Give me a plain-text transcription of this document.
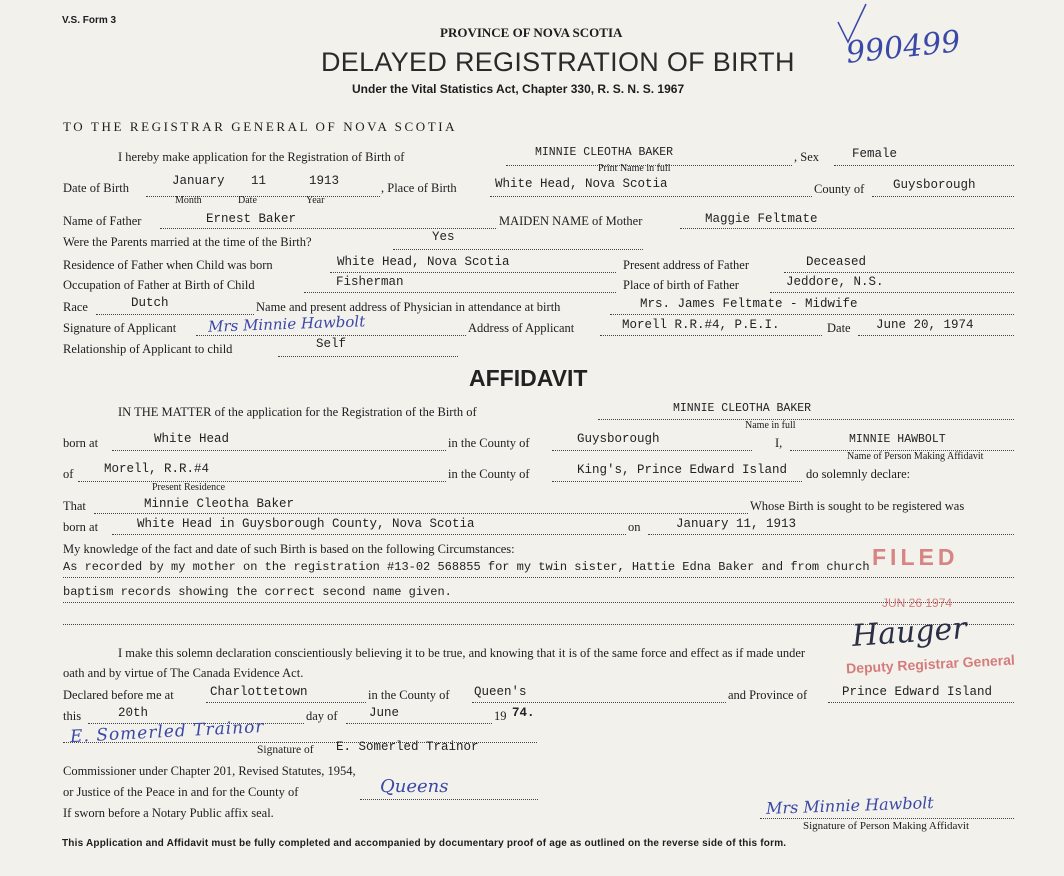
V.S. Form 3
PROVINCE OF NOVA SCOTIA
DELAYED REGISTRATION OF BIRTH
Under the Vital Statistics Act, Chapter 330, R. S. N. S. 1967
990499
TO THE REGISTRAR GENERAL OF NOVA SCOTIA
I hereby make application for the Registration of Birth of	MINNIE CLEOTHA BAKER
Print Name in full
, Sex	Female
Date of Birth	January 11	1913
Month	Date	Year
, Place of Birth	White Head, Nova Scotia	County of Guysborough
Name of Father	Ernest Baker	MAIDEN NAME of Mother	Maggie Feltmate
Were the Parents married at the time of the Birth?	Yes
Residence of Father when Child was born	White Head, Nova Scotia	Present address of Father	Deceased
Occupation of Father at Birth of Child	Fisherman	Place of birth of Father	Jeddore, N.S.
Race	Dutch	Name and present address of Physician in attendance at birth	Mrs. James Feltmate - Midwife
Signature of Applicant Mrs Minnie Hawbolt	Address of Applicant	Morell R.R.#4, P.E.I.	Date June 20, 1974
Relationship of Applicant to child	Self
AFFIDAVIT
IN THE MATTER of the application for the Registration of the Birth of	MINNIE CLEOTHA BAKER
Name in full
born at	White Head	in the County of	Guysborough	I,	MINNIE HAWBOLT
Name of Person Making Affidavit
of Morell, R.R.#4
Present Residence
in the County of	King's, Prince Edward Island do solemnly declare:
That	Minnie Cleotha Baker	Whose Birth is sought to be registered was
born at	White Head in Guysborough County, Nova Scotia	on	January 11, 1913
My knowledge of the fact and date of such Birth is based on the following Circumstances:
As recorded by my mother on the registration #13-02 568855 for my twin sister, Hattie Edna Baker and from church
baptism records showing the correct second name given.
I make this solemn declaration conscientiously believing it to be true, and knowing that it is of the same force and effect as if made under
oath and by virtue of The Canada Evidence Act.
Declared before me at	Charlottetown	in the County of Queen's	and Province of	Prince Edward Island
this	20th	day of	June	19 74.
E. Somerled Trainor
Signature of E. Somerled Trainor
Commissioner under Chapter 201, Revised Statutes, 1954,
or Justice of the Peace in and for the County of	Queens
If sworn before a Notary Public affix seal.	Mrs Minnie Hawbolt
Signature of Person Making Affidavit
FILED
JUN 26 1974
Hauger
Deputy Registrar General
This Application and Affidavit must be fully completed and accompanied by documentary proof of age as outlined on the reverse side of this form.
